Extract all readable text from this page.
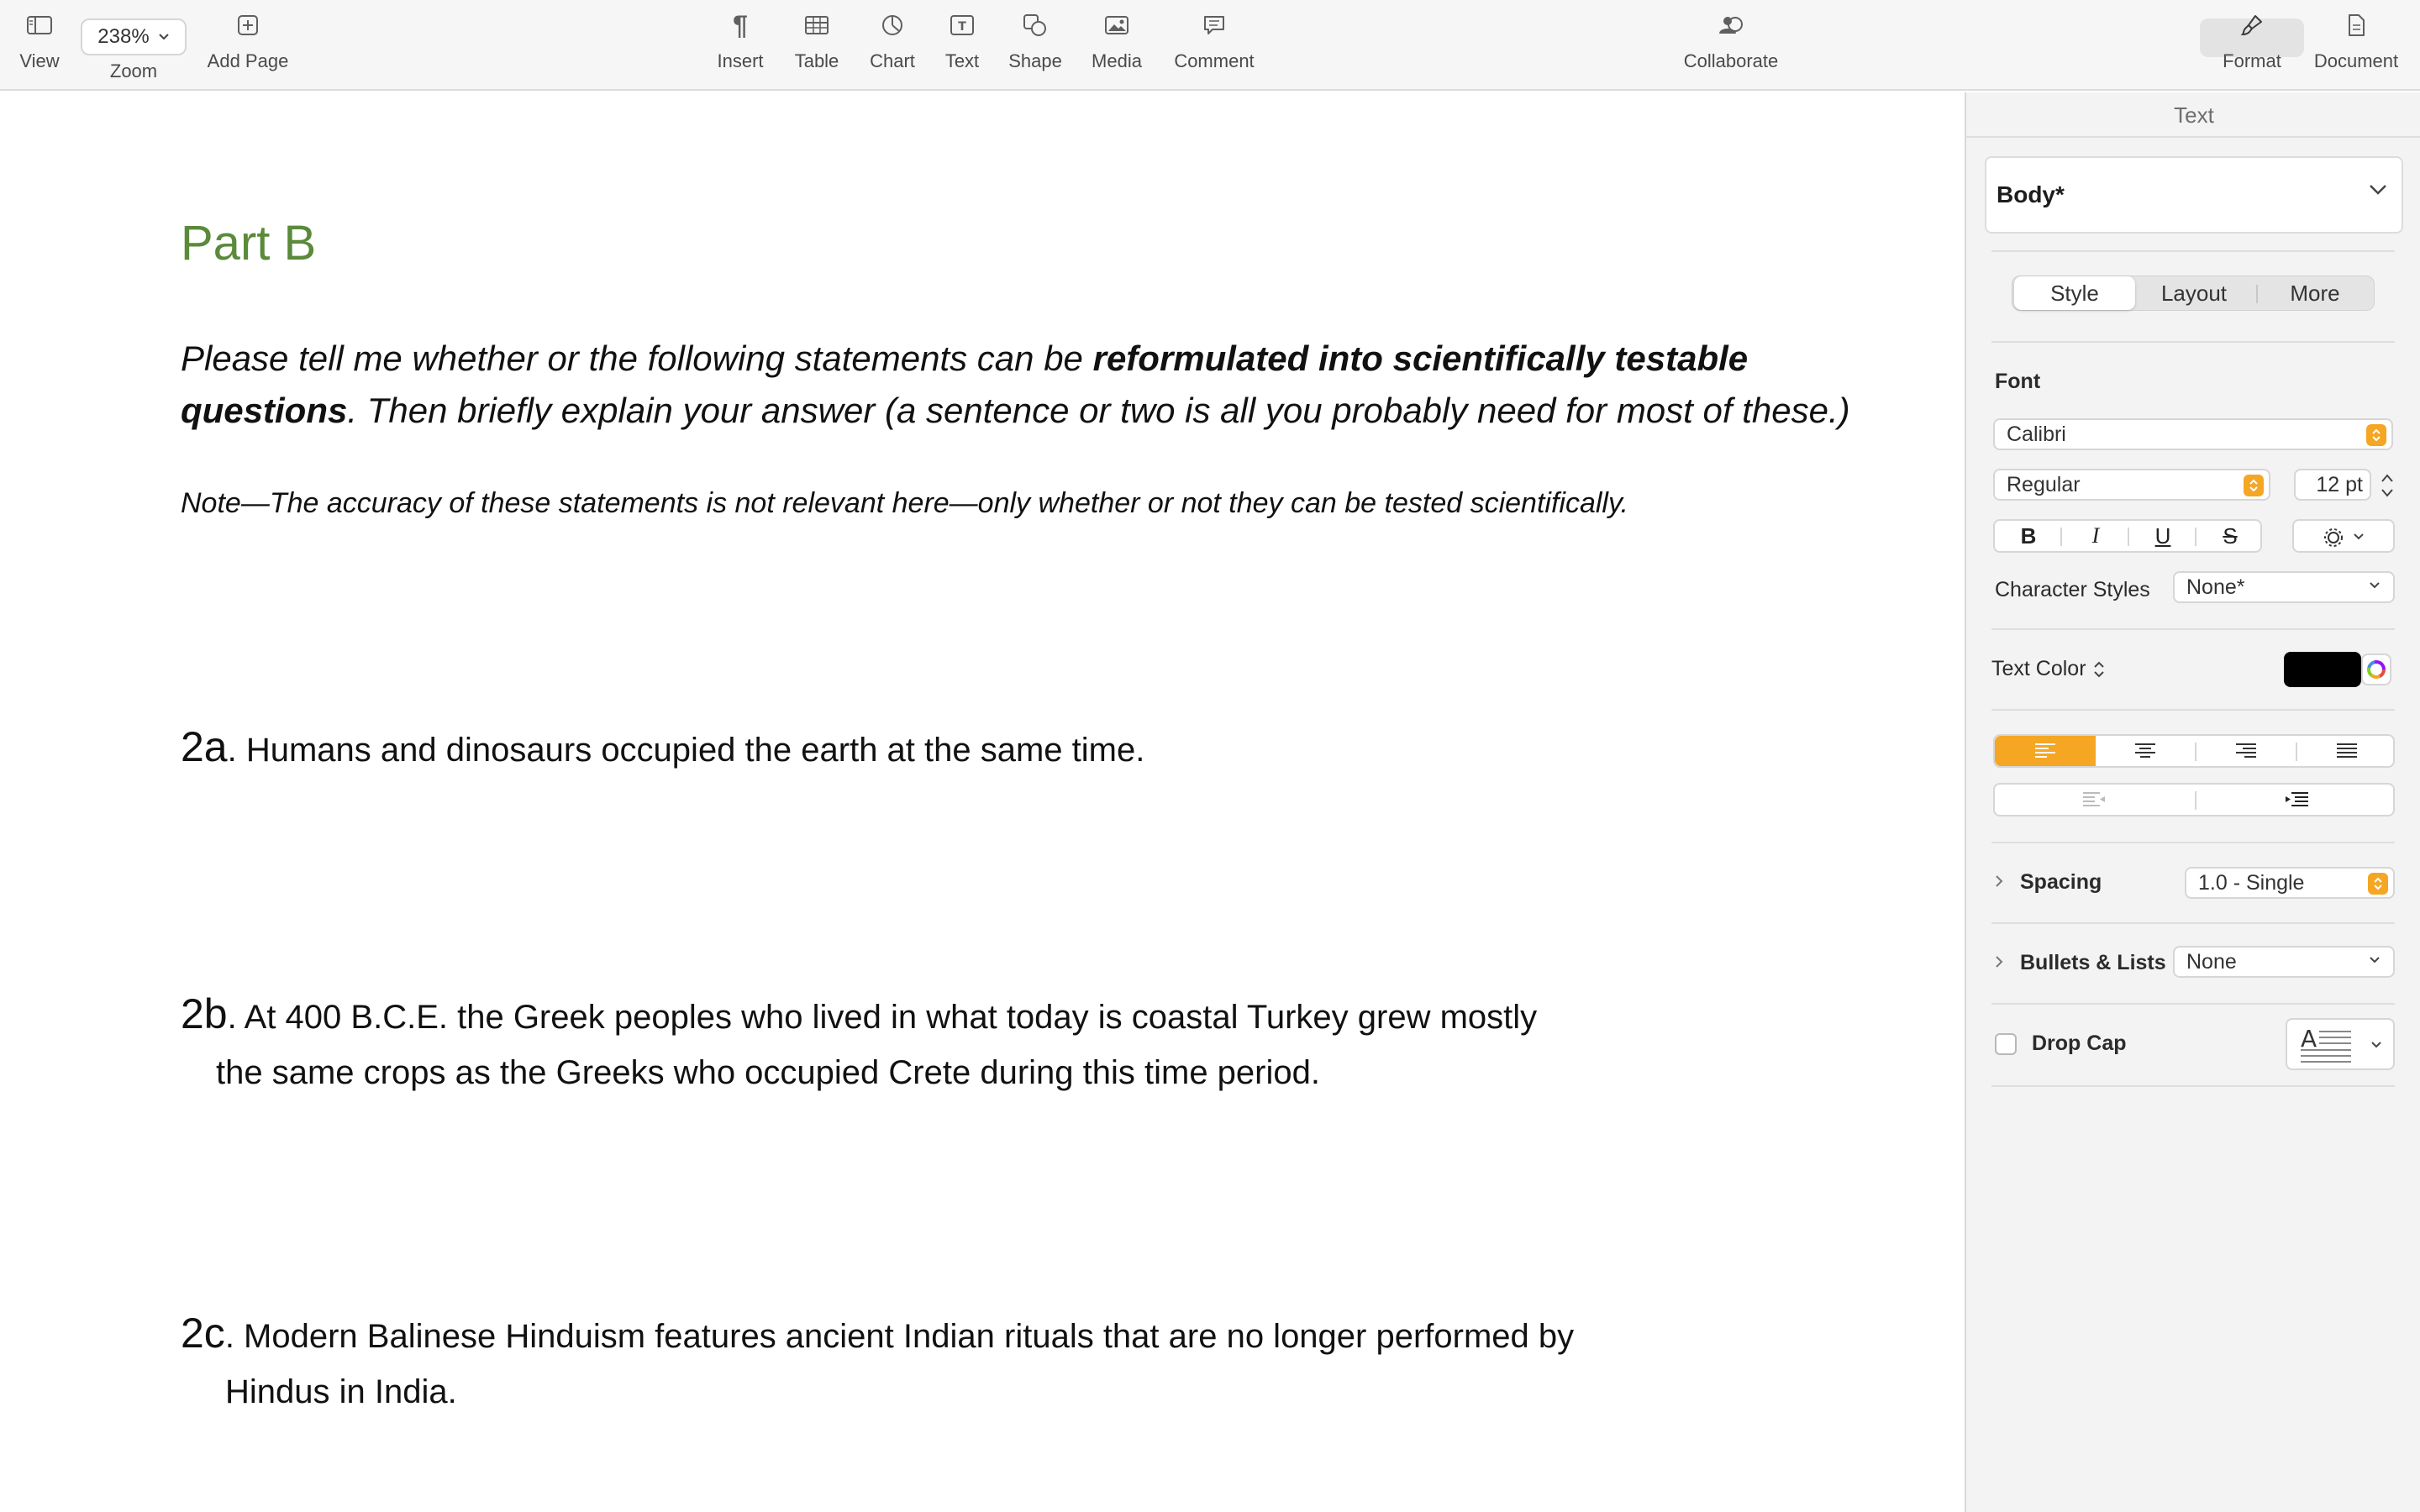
View
238%
Zoom	Add Page
¶
Insert Table Chart
T
Text Shape Media Comment	Collaborate	Format Document
Part B
Please tell me whether or the following statements can be reformulated into scientifically testable
questions. Then briefly explain your answer (a sentence or two is all you probably need for most of these.)
Note—The accuracy of these statements is not relevant here—only whether or not they can be tested scientifically.
2a. Humans and dinosaurs occupied the earth at the same time.
2b. At 400 B.C.E. the Greek peoples who lived in what today is coastal Turkey grew mostly
the same crops as the Greeks who occupied Crete during this time period.
2c. Modern Balinese Hinduism features ancient Indian rituals that are no longer performed by
Hindus in India.
Text
Body*
Style	Layout	More
Font
Calibri
Regular	12 pt
B	I	U	S
Character Styles None*
Text Color
Spacing	1.0 - Single
Bullets & Lists None
Drop Cap	A
